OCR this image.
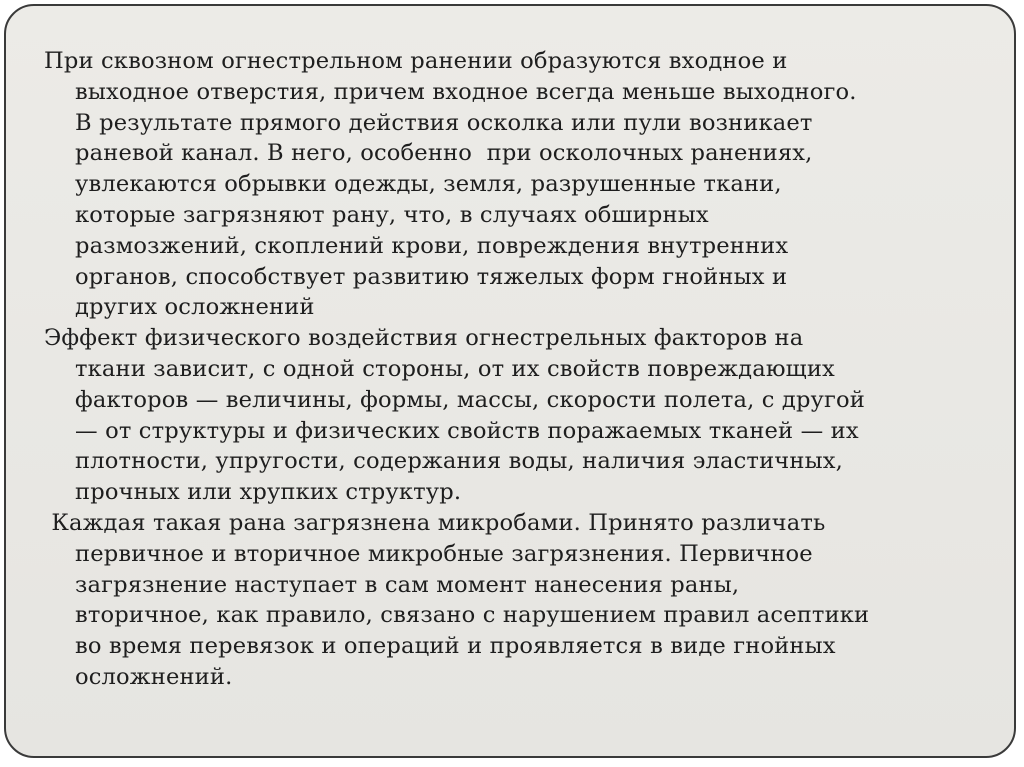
При сквозном огнестрельном ранении образуются входное и
выходное отверстия, причем входное всегда меньше выходного.
В результате прямого действия осколка или пули возникает
раневой канал. В него, особенно  при осколочных ранениях,
увлекаются обрывки одежды, земля, разрушенные ткани,
которые загрязняют рану, что, в случаях обширных
размозжений, скоплений крови, повреждения внутренних
органов, способствует развитию тяжелых форм гнойных и
других осложнений

Эффект физического воздействия огнестрельных факторов на
ткани зависит, с одной стороны, от их свойств повреждающих
факторов — величины, формы, массы, скорости полета, с другой
— от структуры и физических свойств поражаемых тканей — их
плотности, упругости, содержания воды, наличия эластичных,
прочных или хрупких структур.

Каждая такая рана загрязнена микробами. Принято различать
первичное и вторичное микробные загрязнения. Первичное
загрязнение наступает в сам момент нанесения раны,
вторичное, как правило, связано с нарушением правил асептики
во время перевязок и операций и проявляется в виде гнойных
осложнений.
